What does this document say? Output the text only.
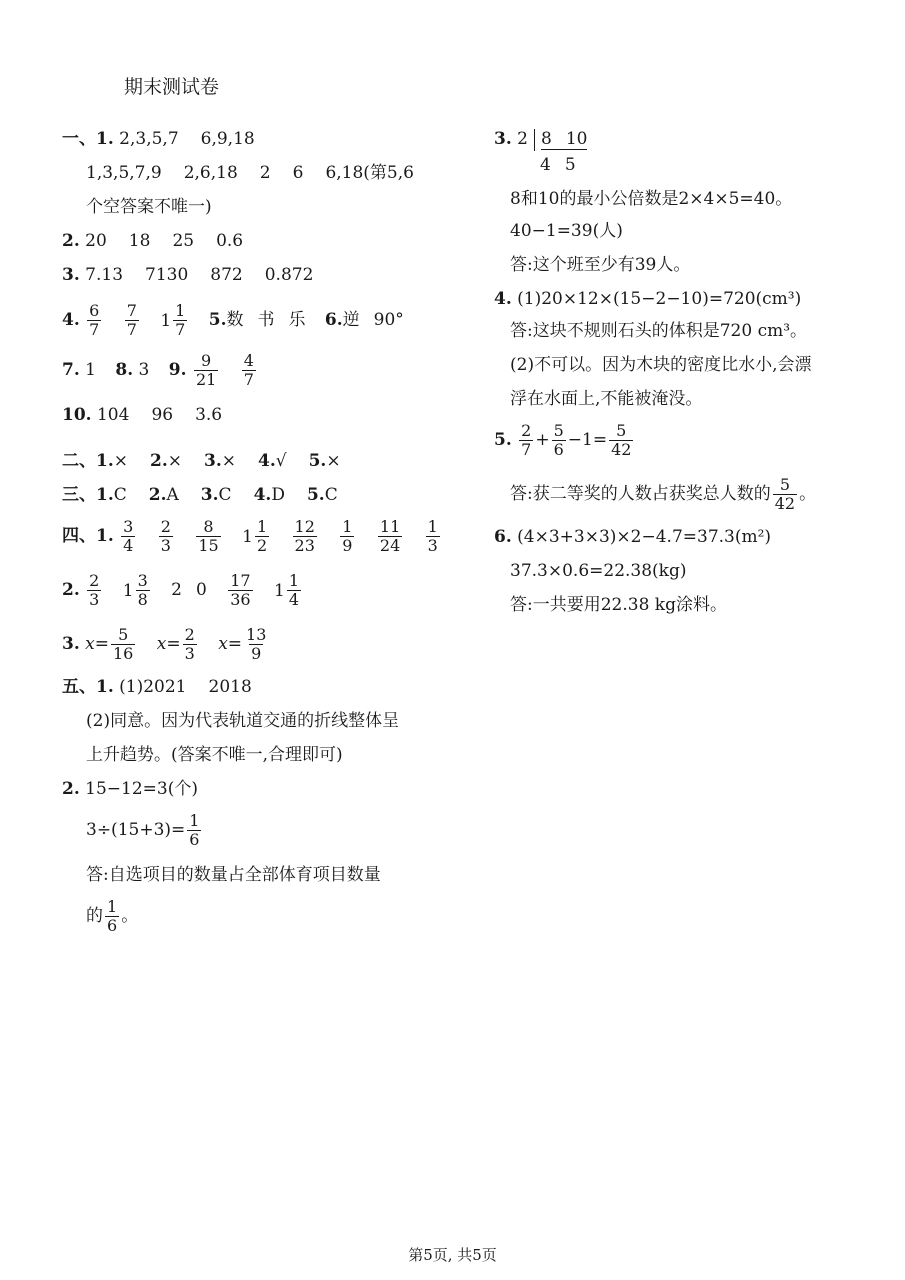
期末测试卷
一、1. 2,3,5,7 6,9,18
1,3,5,7,9 2,6,18 2 6 6,18(第5,6
个空答案不唯一)
2. 20 18 25 0.6
3. 7.13 7130 872 0.872
4. $\frac{6}{7}$
$\frac{7}{7}$
$1 \frac{1}{7} 5$.数 书 乐 6.逆 90°
7. 1 8. 3 9. $\frac{9}{21}$
$\frac{4}{7}$
10. 104 96 3.6
二、1.× 2.× 3.× 4.√ 5.×
三、1.C 2.A 3.C 4.D 5.C
四、1. $\frac{3}{4}$
$\frac{2}{3}$
$\frac{8}{15}$
$1 \frac{1}{2}$
$\frac{12}{23}$
$\frac{1}{9}$
$\frac{11}{24}$
$\frac{1}{3}$
2. $\frac{2}{3}$
$1 \frac{3}{8} 2$ $0 \frac{17}{36}$
$1 \frac{1}{4}$
3. $x= \frac{5}{16} x= \frac{2}{3} x= \frac{13}{9}$
五、1. (1)2021 2018
(2)同意。因为代表轨道交通的折线整体呈
上升趋势。(答案不唯一,合理即可)
2. 15−12=3(个)
$3\div(15+3)= \frac{1}{6}$
答:自选项目的数量占全部体育项目数量
的 $\frac{1}{6}$ 。
3. 2 8 10
4 5
8和10的最小公倍数是2×4×5=40。
40−1=39(人)
答:这个班至少有39人。
4. (1)20×12×(15−2−10)=720(cm³)
答:这块不规则石头的体积是720 cm³。
(2)不可以。因为木块的密度比水小,会漂
浮在水面上,不能被淹没。
5. $\frac{2}{7} + \frac{5}{6} -1= \frac{5}{42}$
答:获二等奖的人数占获奖总人数的 $\frac{5}{42}$ 。
6. (4×3+3×3)×2−4.7=37.3(m²)
37.3×0.6=22.38(kg)
答:一共要用22.38 kg涂料。
第5页, 共5页
